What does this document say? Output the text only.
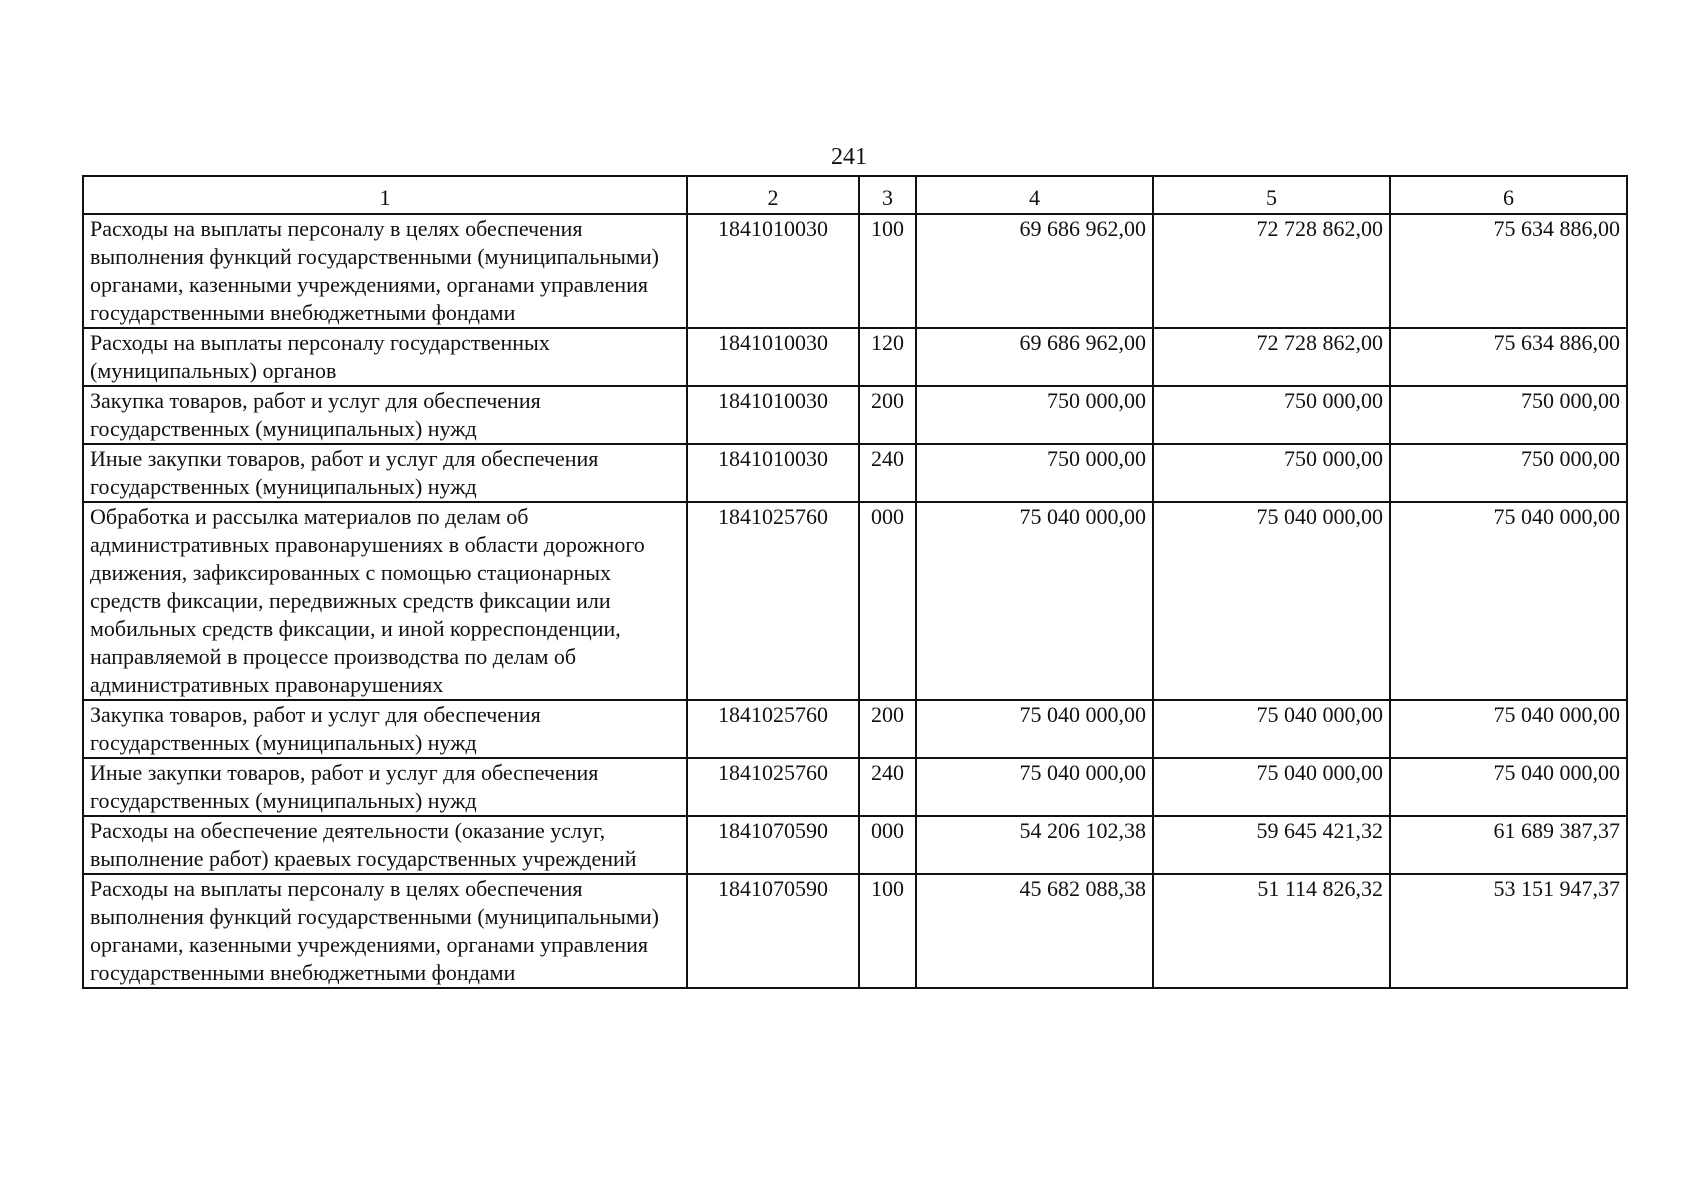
241
1	2	3	4	5	6
Расходы на выплаты персоналу в целях обеспечения выполнения функций государственными (муниципальными) органами, казенными учреждениями, органами управления государственными внебюджетными фондами	1841010030	100	69 686 962,00	72 728 862,00	75 634 886,00
Расходы на выплаты персоналу государственных (муниципальных) органов	1841010030	120	69 686 962,00	72 728 862,00	75 634 886,00
Закупка товаров, работ и услуг для обеспечения государственных (муниципальных) нужд	1841010030	200	750 000,00	750 000,00	750 000,00
Иные закупки товаров, работ и услуг для обеспечения государственных (муниципальных) нужд	1841010030	240	750 000,00	750 000,00	750 000,00
Обработка и рассылка материалов по делам об административных правонарушениях в области дорожного движения, зафиксированных с помощью стационарных средств фиксации, передвижных средств фиксации или мобильных средств фиксации, и иной корреспонденции, направляемой в процессе производства по делам об административных правонарушениях	1841025760	000	75 040 000,00	75 040 000,00	75 040 000,00
Закупка товаров, работ и услуг для обеспечения государственных (муниципальных) нужд	1841025760	200	75 040 000,00	75 040 000,00	75 040 000,00
Иные закупки товаров, работ и услуг для обеспечения государственных (муниципальных) нужд	1841025760	240	75 040 000,00	75 040 000,00	75 040 000,00
Расходы на обеспечение деятельности (оказание услуг, выполнение работ) краевых государственных учреждений	1841070590	000	54 206 102,38	59 645 421,32	61 689 387,37
Расходы на выплаты персоналу в целях обеспечения выполнения функций государственными (муниципальными) органами, казенными учреждениями, органами управления государственными внебюджетными фондами	1841070590	100	45 682 088,38	51 114 826,32	53 151 947,37
